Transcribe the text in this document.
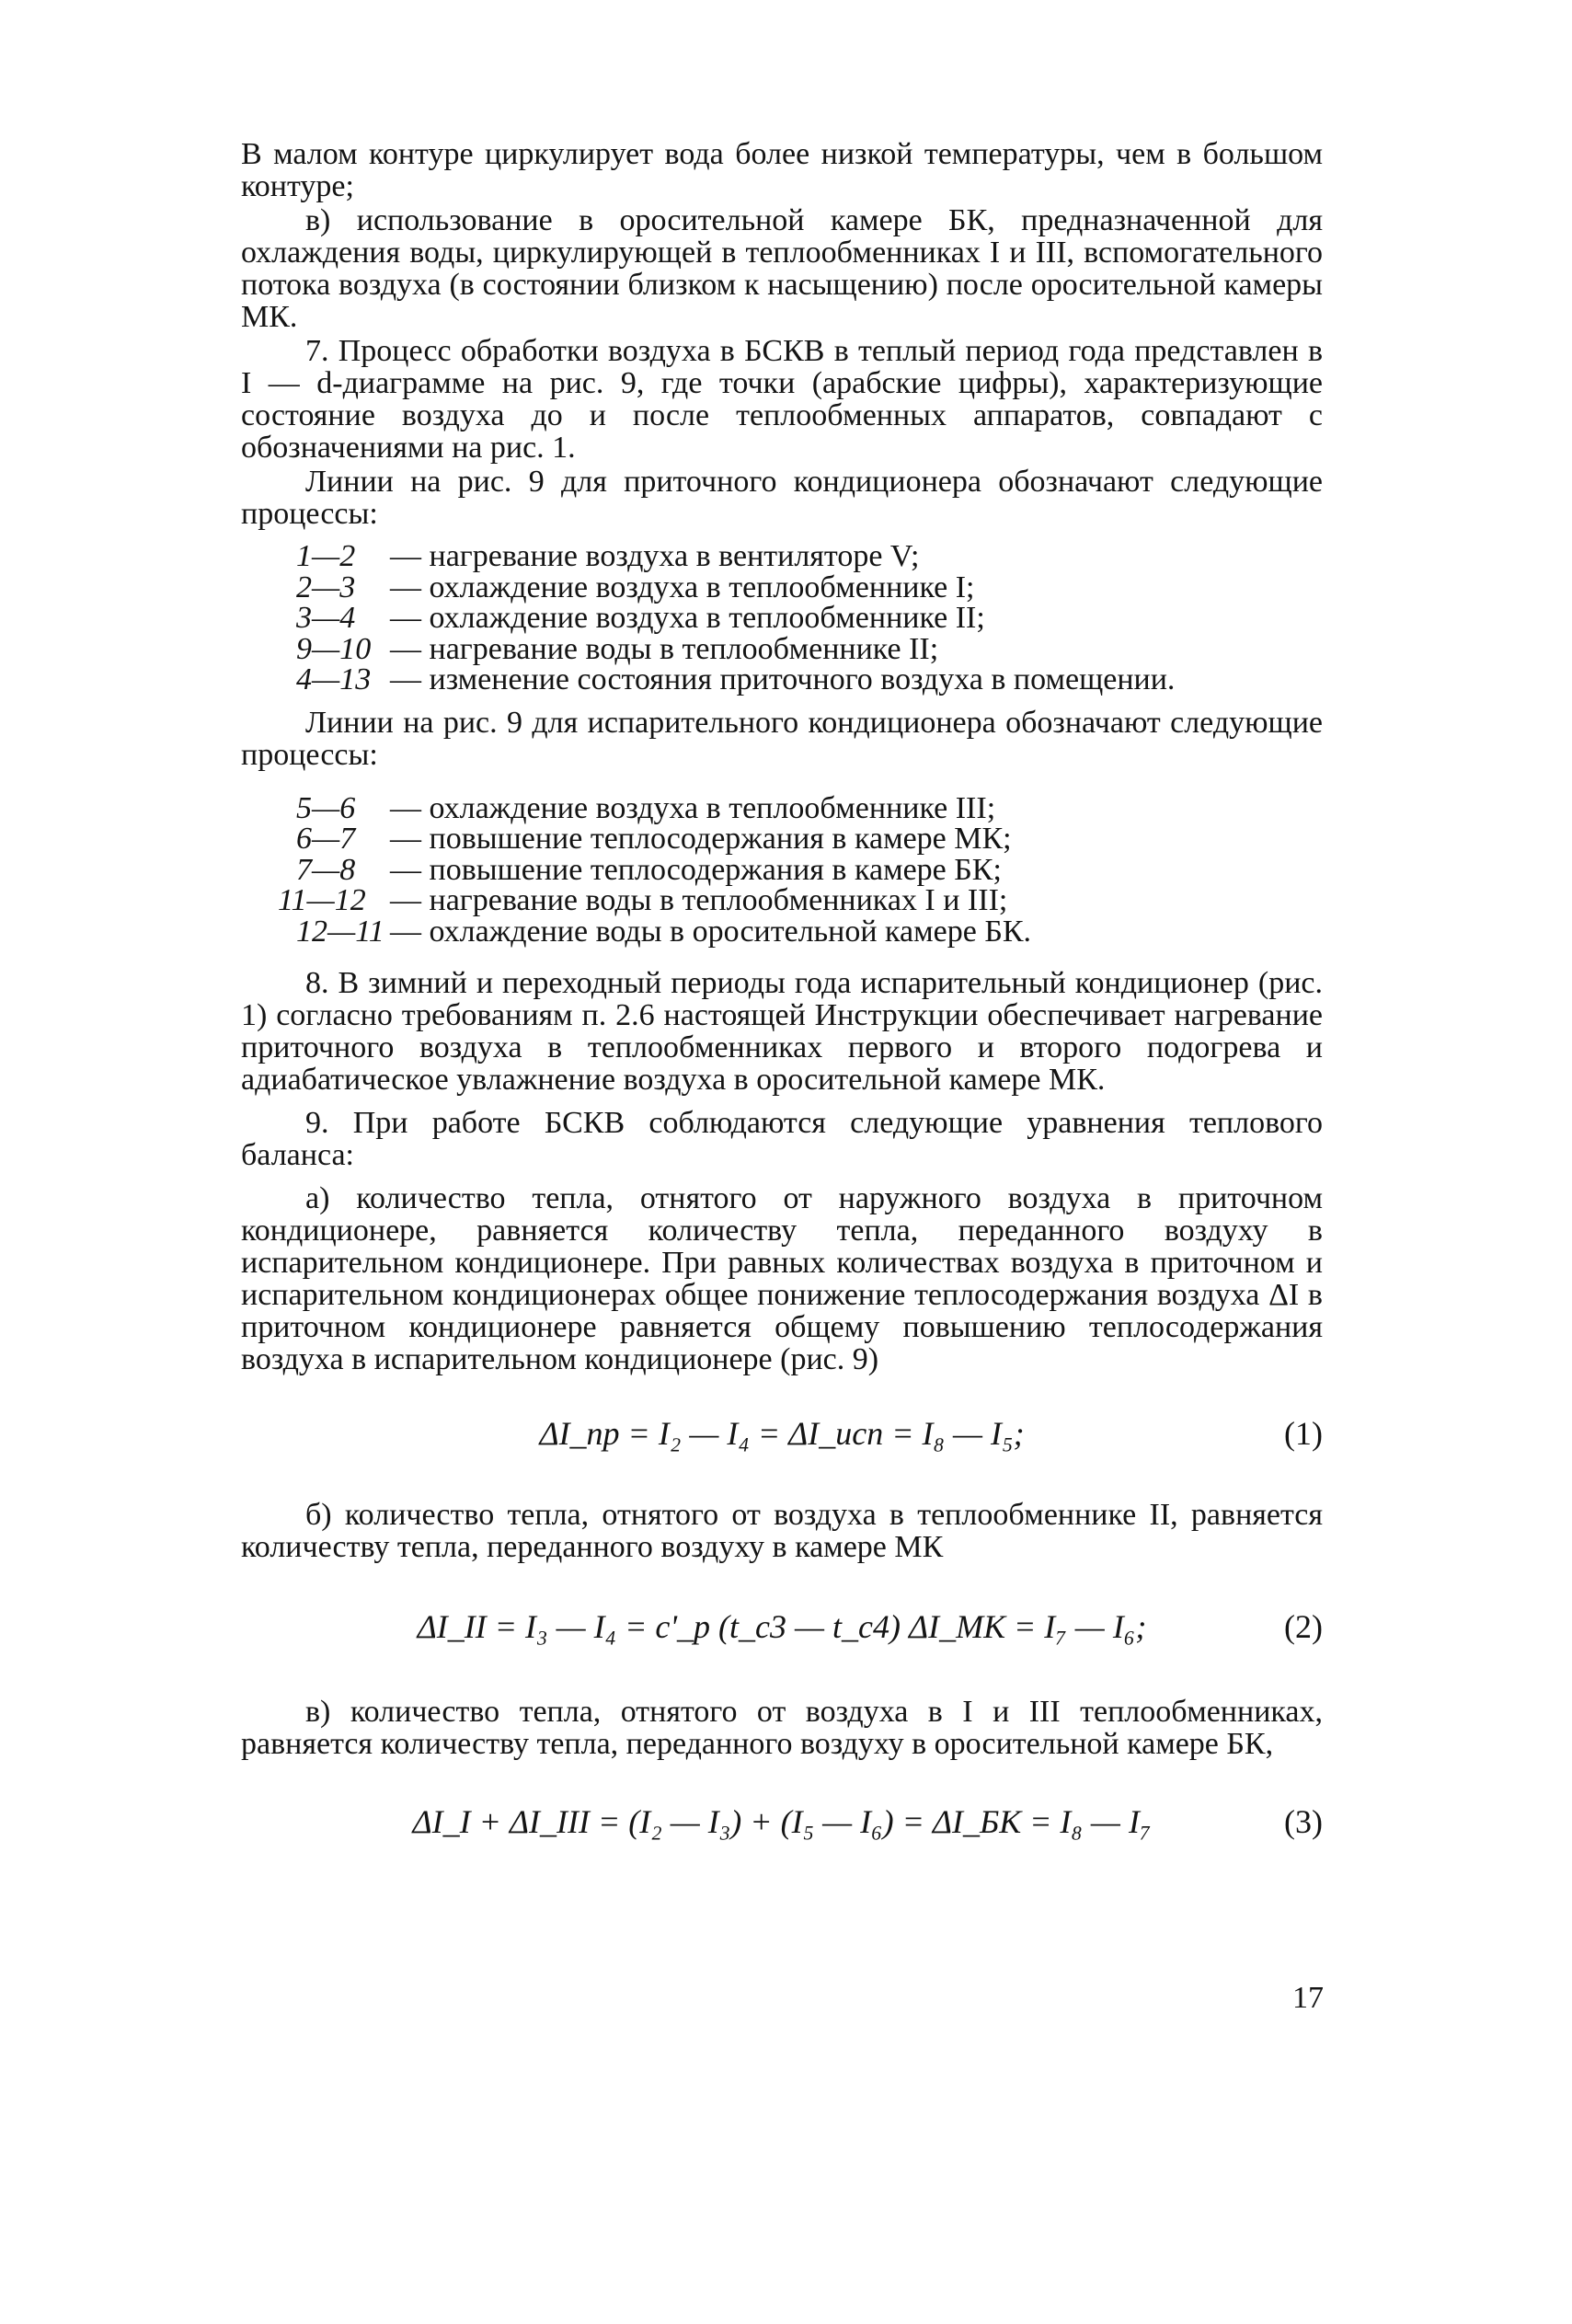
В малом контуре циркулирует вода более низкой температуры, чем в большом контуре;

в) использование в оросительной камере БК, предназначенной для охлаждения воды, циркулирующей в теплообменниках I и III, вспомогательного потока воздуха (в состоянии близком к насыщению) после оросительной камеры МК.

7. Процесс обработки воздуха в БСКВ в теплый период года представлен в I — d-диаграмме на рис. 9, где точки (арабские цифры), характеризующие состояние воздуха до и после теплообменных аппаратов, совпадают с обозначениями на рис. 1.

Линии на рис. 9 для приточного кондиционера обозначают следующие процессы:

1—2	— нагревание воздуха в вентиляторе V;
2—3	— охлаждение воздуха в теплообменнике I;
3—4	— охлаждение воздуха в теплообменнике II;
9—10 — нагревание воды в теплообменнике II;
4—13 — изменение состояния приточного воздуха в помещении.

Линии на рис. 9 для испарительного кондиционера обозначают следующие процессы:

5—6	— охлаждение воздуха в теплообменнике III;
6—7	— повышение теплосодержания в камере МК;
7—8	— повышение теплосодержания в камере БК;
11—12 — нагревание воды в теплообменниках I и III;
12—11 — охлаждение воды в оросительной камере БК.

8. В зимний и переходный периоды года испарительный кондиционер (рис. 1) согласно требованиям п. 2.6 настоящей Инструкции обеспечивает нагревание приточного воздуха в теплообменниках первого и второго подогрева и адиабатическое увлажнение воздуха в оросительной камере МК.

9. При работе БСКВ соблюдаются следующие уравнения теплового баланса:

а) количество тепла, отнятого от наружного воздуха в приточном кондиционере, равняется количеству тепла, переданного воздуху в испарительном кондиционере. При равных количествах воздуха в приточном и испарительном кондиционерах общее понижение теплосодержания воздуха ΔI в приточном кондиционере равняется общему повышению теплосодержания воздуха в испарительном кондиционере (рис. 9)

ΔI_пр = I₂ — I₄ = ΔI_исп = I₈ — I₅;	(1)

б) количество тепла, отнятого от воздуха в теплообменнике II, равняется количеству тепла, переданного воздуху в камере МК

ΔI_II = I₃ — I₄ = c'_p (t_c3 — t_c4) ΔI_МК = I₇ — I₆;	(2)

в) количество тепла, отнятого от воздуха в I и III теплообменниках, равняется количеству тепла, переданного воздуху в оросительной камере БК,

ΔI_I + ΔI_III = (I₂ — I₃) + (I₅ — I₆) = ΔI_БК = I₈ — I₇	(3)
17
